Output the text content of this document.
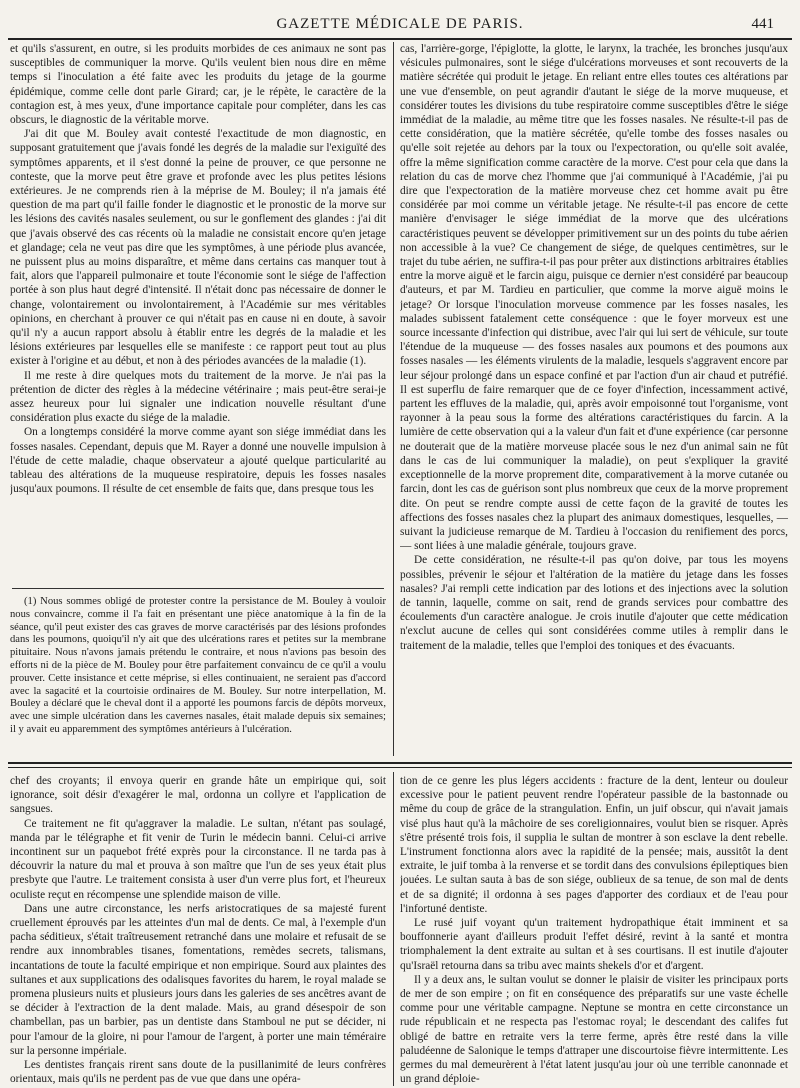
GAZETTE MÉDICALE DE PARIS.	441

et qu'ils s'assurent, en outre, si les produits morbides de ces animaux ne sont pas susceptibles de communiquer la morve. Qu'ils veulent bien nous dire en même temps si l'inoculation a été faite avec les produits du jetage de la gourme épidémique, comme celle dont parle Girard; car, je le répète, le caractère de la contagion est, à mes yeux, d'une importance capitale pour compléter, dans les cas obscurs, le diagnostic de la véritable morve.

J'ai dit que M. Bouley avait contesté l'exactitude de mon diagnostic, en supposant gratuitement que j'avais fondé les degrés de la maladie sur l'exiguïté des symptômes apparents, et il s'est donné la peine de prouver, ce que personne ne conteste, que la morve peut être grave et profonde avec les plus petites lésions extérieures. Je ne comprends rien à la méprise de M. Bouley; il n'a jamais été question de ma part qu'il faille fonder le diagnostic et le pronostic de la morve sur les lésions des cavités nasales seulement, ou sur le gonflement des glandes : j'ai dit que j'avais observé des cas récents où la maladie ne consistait encore qu'en jetage et glandage; cela ne veut pas dire que les symptômes, à une période plus avancée, ne puissent plus au moins disparaître, et même dans certains cas manquer tout à fait, alors que l'appareil pulmonaire et toute l'économie sont le siége de l'affection portée à son plus haut degré d'intensité. Il n'était donc pas nécessaire de donner le change, volontairement ou involontairement, à l'Académie sur mes véritables opinions, en cherchant à prouver ce qui n'était pas en cause ni en doute, à savoir qu'il n'y a aucun rapport absolu à établir entre les degrés de la maladie et les lésions extérieures par lesquelles elle se manifeste : ce rapport peut tout au plus exister à l'origine et au début, et non à des périodes avancées de la maladie (1).

Il me reste à dire quelques mots du traitement de la morve. Je n'ai pas la prétention de dicter des règles à la médecine vétérinaire ; mais peut-être serai-je assez heureux pour lui signaler une indication nouvelle résultant d'une considération plus exacte du siége de la maladie.

On a longtemps considéré la morve comme ayant son siége immédiat dans les fosses nasales. Cependant, depuis que M. Rayer a donné une nouvelle impulsion à l'étude de cette maladie, chaque observateur a ajouté quelque particularité au tableau des altérations de la muqueuse respiratoire, depuis les fosses nasales jusqu'aux poumons. Il résulte de cet ensemble de faits que, dans presque tous les

(1) Nous sommes obligé de protester contre la persistance de M. Bouley à vouloir nous convaincre, comme il l'a fait en présentant une pièce anatomique à la fin de la séance, qu'il peut exister des cas graves de morve caractérisés par des lésions profondes dans les poumons, quoiqu'il n'y ait que des ulcérations rares et petites sur la membrane pituitaire. Nous n'avons jamais prétendu le contraire, et nous n'avions pas besoin des efforts ni de la pièce de M. Bouley pour être parfaitement convaincu de ce qu'il a voulu prouver. Cette insistance et cette méprise, si elles continuaient, ne seraient pas d'accord avec la sagacité et la courtoisie ordinaires de M. Bouley. Sur notre interpellation, M. Bouley a déclaré que le cheval dont il a apporté les poumons farcis de dépôts morveux, avec une simple ulcération dans les cavernes nasales, était malade depuis six semaines; il y avait eu apparemment des symptômes antérieurs à l'ulcération.

cas, l'arrière-gorge, l'épiglotte, la glotte, le larynx, la trachée, les bronches jusqu'aux vésicules pulmonaires, sont le siége d'ulcérations morveuses et sont recouverts de la matière sécrétée qui produit le jetage. En reliant entre elles toutes ces altérations par une vue d'ensemble, on peut agrandir d'autant le siége de la morve muqueuse, et considérer toutes les divisions du tube respiratoire comme susceptibles d'être le siége immédiat de la maladie, au même titre que les fosses nasales. Ne résulte-t-il pas de cette considération, que la matière sécrétée, qu'elle tombe des fosses nasales ou qu'elle soit rejetée au dehors par la toux ou l'expectoration, ou qu'elle soit avalée, offre la même signification comme caractère de la morve. C'est pour cela que dans la relation du cas de morve chez l'homme que j'ai communiqué à l'Académie, j'ai pu dire que l'expectoration de la matière morveuse chez cet homme avait pu être considérée par moi comme un véritable jetage. Ne résulte-t-il pas encore de cette manière d'envisager le siége immédiat de la morve que des ulcérations caractéristiques peuvent se développer primitivement sur un des points du tube aérien non accessible à la vue? Ce changement de siége, de quelques centimètres, sur le trajet du tube aérien, ne suffira-t-il pas pour prêter aux distinctions arbitraires établies entre la morve aiguë et le farcin aigu, puisque ce dernier n'est considéré par beaucoup d'auteurs, et par M. Tardieu en particulier, que comme la morve aiguë moins le jetage? Or lorsque l'inoculation morveuse commence par les fosses nasales, les malades subissent fatalement cette conséquence : que le foyer morveux est une source incessante d'infection qui distribue, avec l'air qui lui sert de véhicule, sur toute l'étendue de la muqueuse — des fosses nasales aux poumons et des poumons aux fosses nasales — les éléments virulents de la maladie, lesquels s'aggravent encore par leur séjour prolongé dans un espace confiné et par l'action d'un air chaud et putréfié. Il est superflu de faire remarquer que de ce foyer d'infection, incessamment activé, partent les effluves de la maladie, qui, après avoir empoisonné tout l'organisme, vont rayonner à la peau sous la forme des altérations caractéristiques du farcin. A la lumière de cette observation qui a la valeur d'un fait et d'une expérience (car personne ne douterait que de la matière morveuse placée sous le nez d'un animal sain ne fût dans le cas de lui communiquer la maladie), on peut s'expliquer la gravité exceptionnelle de la morve proprement dite, comparativement à la morve cutanée ou farcin, dont les cas de guérison sont plus nombreux que ceux de la morve proprement dite. On peut se rendre compte aussi de cette façon de la gravité de toutes les affections des fosses nasales chez la plupart des animaux domestiques, lesquelles, — suivant la judicieuse remarque de M. Tardieu à l'occasion du renifiement des porcs, — sont liées à une maladie générale, toujours grave.

De cette considération, ne résulte-t-il pas qu'on doive, par tous les moyens possibles, prévenir le séjour et l'altération de la matière du jetage dans les fosses nasales? J'ai rempli cette indication par des lotions et des injections avec la solution de tannin, laquelle, comme on sait, rend de grands services pour combattre des écoulements d'un caractère analogue. Je crois inutile d'ajouter que cette médication n'exclut aucune de celles qui sont considérées comme utiles à remplir dans le traitement de la maladie, telles que l'emploi des toniques et des évacuants.

chef des croyants; il envoya querir en grande hâte un empirique qui, soit ignorance, soit désir d'exagérer le mal, ordonna un collyre et l'application de sangsues.

Ce traitement ne fit qu'aggraver la maladie. Le sultan, n'étant pas soulagé, manda par le télégraphe et fit venir de Turin le médecin banni. Celui-ci arrive incontinent sur un paquebot frété exprès pour la circonstance. Il ne tarda pas à découvrir la nature du mal et prouva à son maître que l'un de ses yeux était plus presbyte que l'autre. Le traitement consista à user d'un verre plus fort, et l'heureux oculiste reçut en récompense une splendide maison de ville.

Dans une autre circonstance, les nerfs aristocratiques de sa majesté furent cruellement éprouvés par les atteintes d'un mal de dents. Ce mal, à l'exemple d'un pacha séditieux, s'était traîtreusement retranché dans une molaire et refusait de se rendre aux innombrables tisanes, fomentations, remèdes secrets, talismans, incantations de toute la faculté empirique et non empirique. Sourd aux plaintes des sultanes et aux supplications des odalisques favorites du harem, le royal malade se promena plusieurs nuits et plusieurs jours dans les galeries de ses ancêtres avant de se décider à l'extraction de la dent malade. Mais, au grand désespoir de son chambellan, pas un barbier, pas un dentiste dans Stamboul ne put se décider, ni pour l'amour de la gloire, ni pour l'amour de l'argent, à porter une main téméraire sur la personne impériale.

Les dentistes français rirent sans doute de la pusillanimité de leurs confrères orientaux, mais qu'ils ne perdent pas de vue que dans une opéra-

tion de ce genre les plus légers accidents : fracture de la dent, lenteur ou douleur excessive pour le patient peuvent rendre l'opérateur passible de la bastonnade ou même du coup de grâce de la strangulation. Enfin, un juif obscur, qui n'avait jamais visé plus haut qu'à la mâchoire de ses coreligionnaires, voulut bien se risquer. Après s'être présenté trois fois, il supplia le sultan de montrer à son esclave la dent rebelle. L'instrument fonctionna alors avec la rapidité de la pensée; mais, aussitôt la dent extraite, le juif tomba à la renverse et se tordit dans des convulsions épileptiques bien jouées. Le sultan sauta à bas de son siége, oublieux de sa tenue, de son mal de dents et de sa dignité; il ordonna à ses pages d'apporter des cordiaux et de l'eau pour l'infortuné dentiste.

Le rusé juif voyant qu'un traitement hydropathique était imminent et sa bouffonnerie ayant d'ailleurs produit l'effet désiré, revint à la santé et montra triomphalement la dent extraite au sultan et à ses courtisans. Il est inutile d'ajouter qu'Israël retourna dans sa tribu avec maints shekels d'or et d'argent.

Il y a deux ans, le sultan voulut se donner le plaisir de visiter les principaux ports de mer de son empire ; on fit en conséquence des préparatifs sur une vaste échelle comme pour une véritable campagne. Neptune se montra en cette circonstance un rude républicain et ne respecta pas l'estomac royal; le descendant des califes fut obligé de battre en retraite vers la terre ferme, après être resté dans la ville paludéenne de Salonique le temps d'attraper une discourtoise fièvre intermittente. Les germes du mal demeurèrent à l'état latent jusqu'au jour où une terrible canonnade et un grand déploie-
